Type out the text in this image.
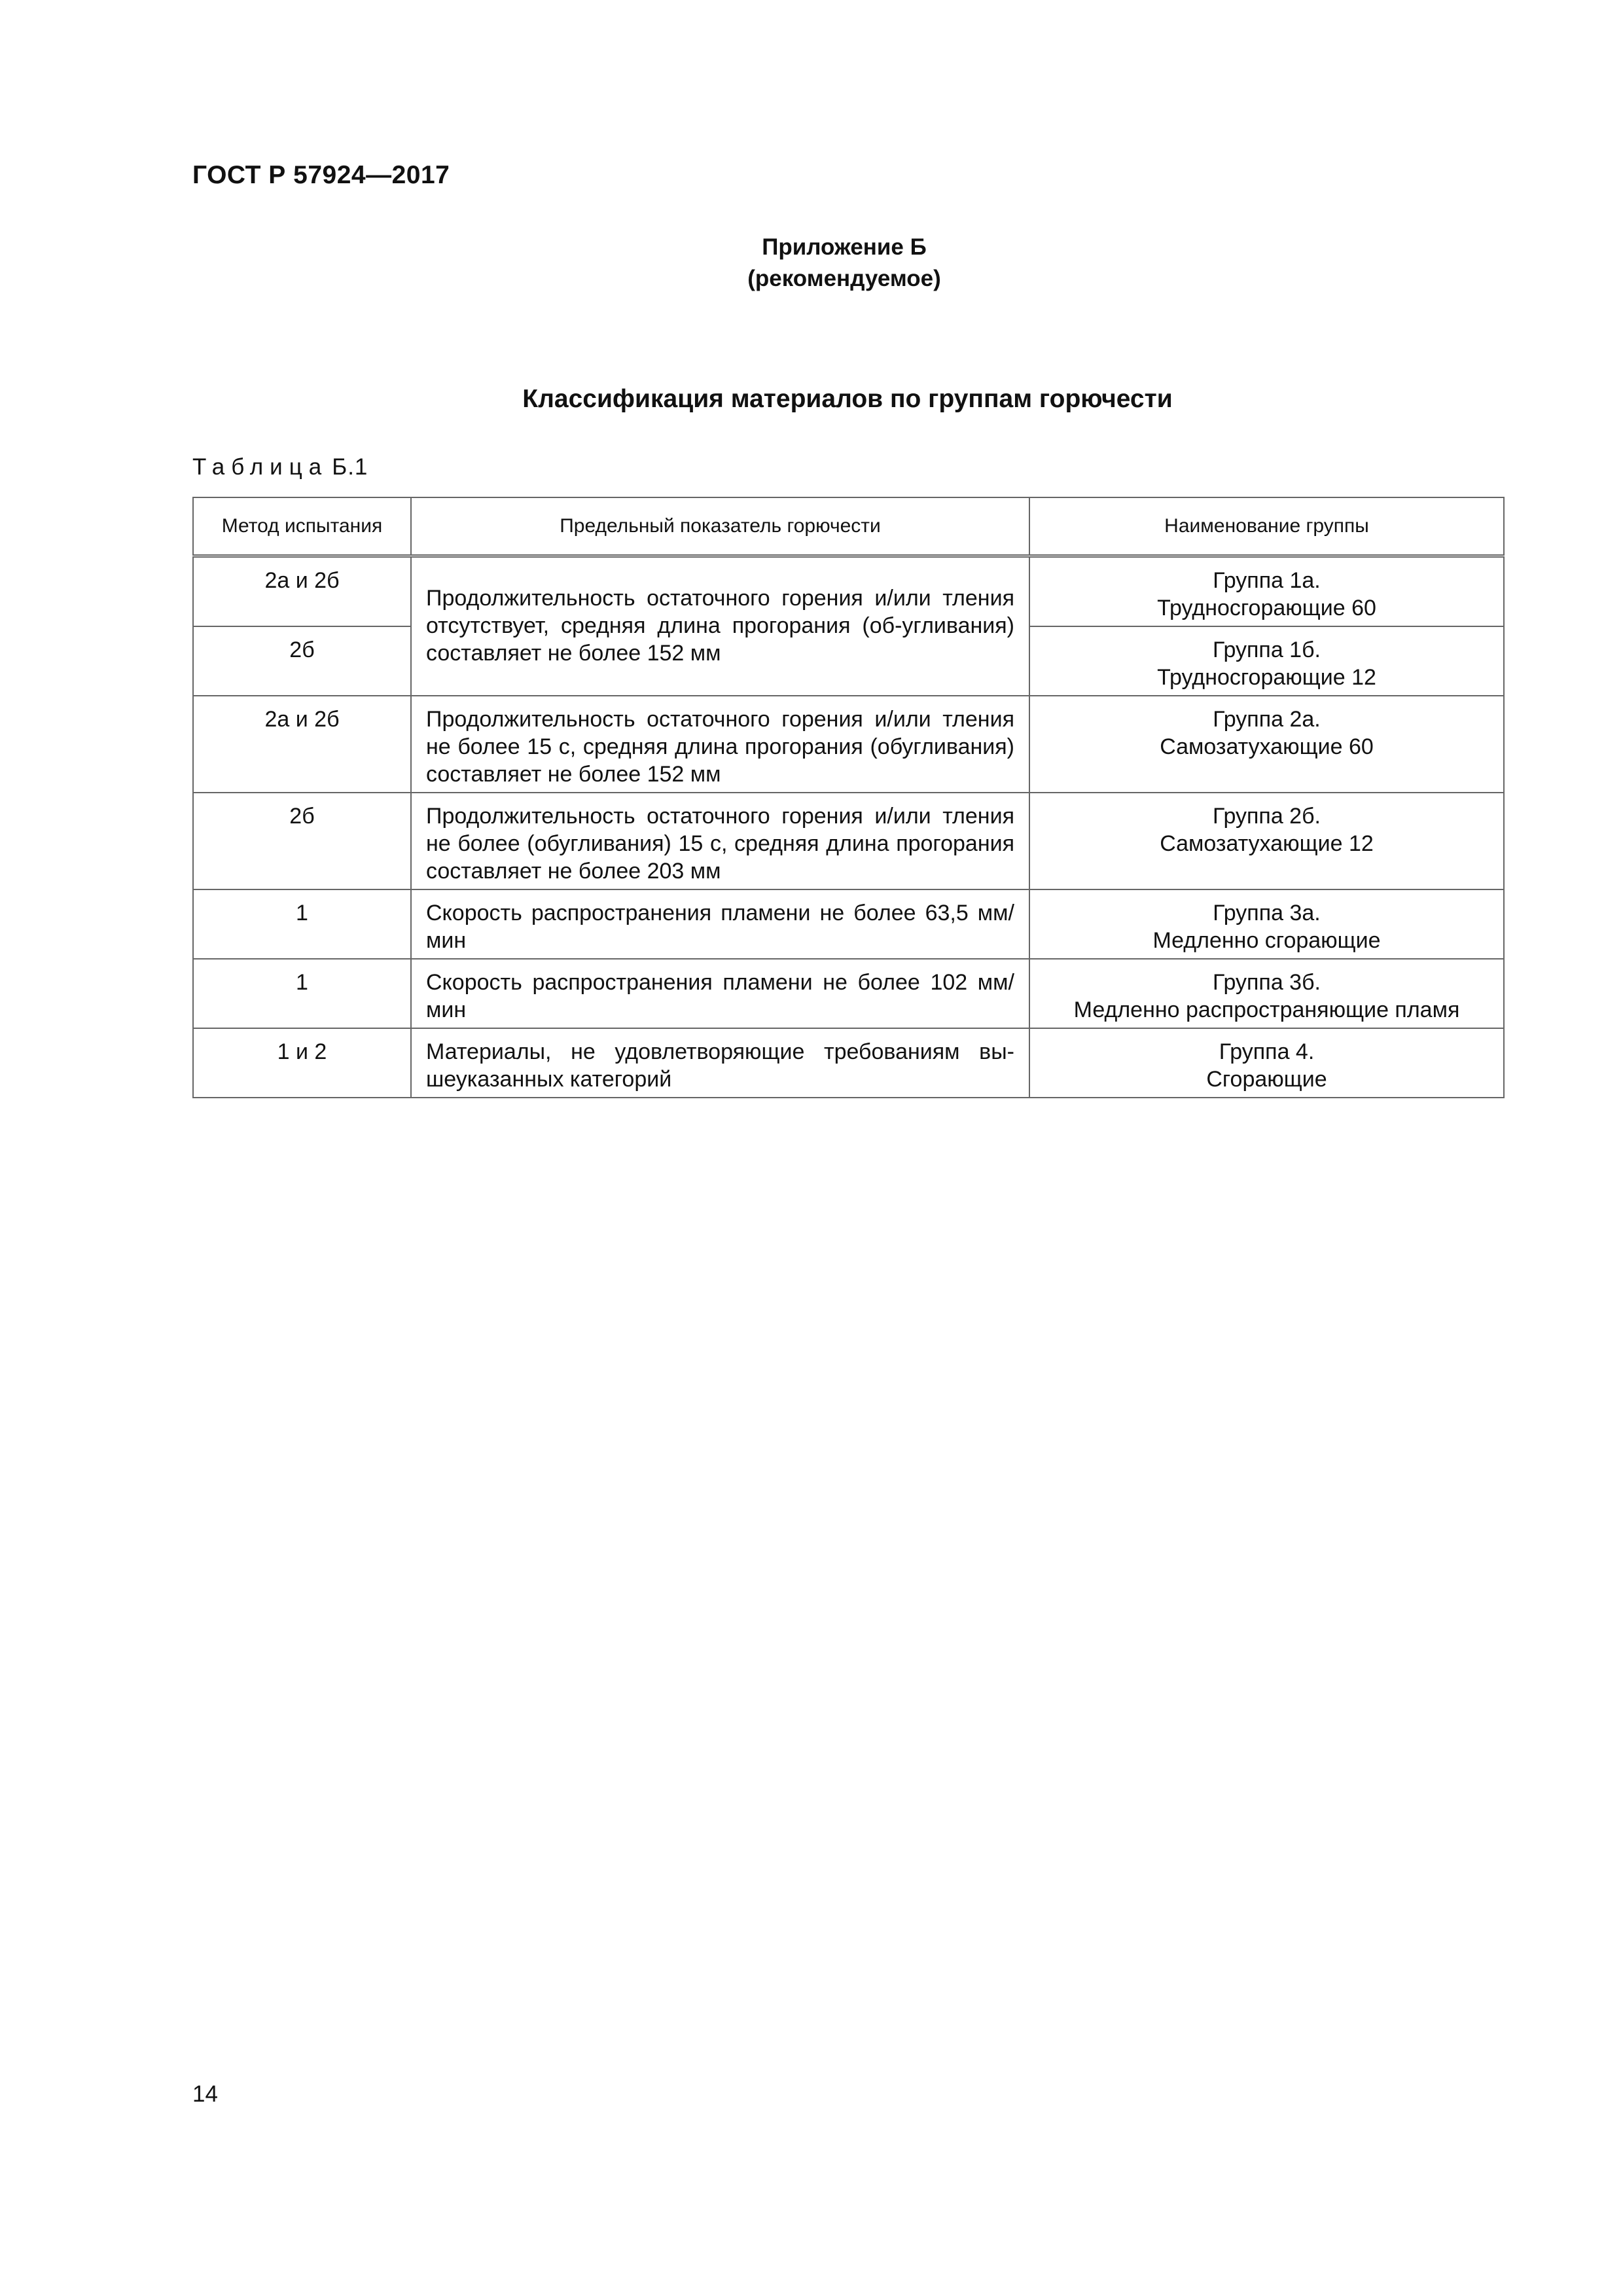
ГОСТ Р 57924—2017
Приложение Б
(рекомендуемое)
Классификация материалов по группам горючести
Таблица Б.1
Метод испытания	Предельный показатель горючести	Наименование группы
2а и 2б	Продолжительность остаточного горения и/или тления отсутствует, средняя длина прогорания (об-угливания) составляет не более 152 мм	Группа 1а.
Трудносгорающие 60

2б		Группа 1б.
Трудносгорающие 12

2а и 2б	Продолжительность остаточного горения и/или тления не более 15 с, средняя длина прогорания (обугливания) составляет не более 152 мм	Группа 2а.
Самозатухающие 60

2б	Продолжительность остаточного горения и/или тления не более (обугливания) 15 с, средняя длина прогорания составляет не более 203 мм	Группа 2б.
Самозатухающие 12

1	Скорость распространения пламени не более 63,5 мм/мин	Группа 3а.
Медленно сгорающие

1	Скорость распространения пламени не более 102 мм/мин	Группа 3б.
Медленно распространяющие пламя

1 и 2	Материалы, не удовлетворяющие требованиям вы-шеуказанных категорий	Группа 4.
Сгорающие
14
